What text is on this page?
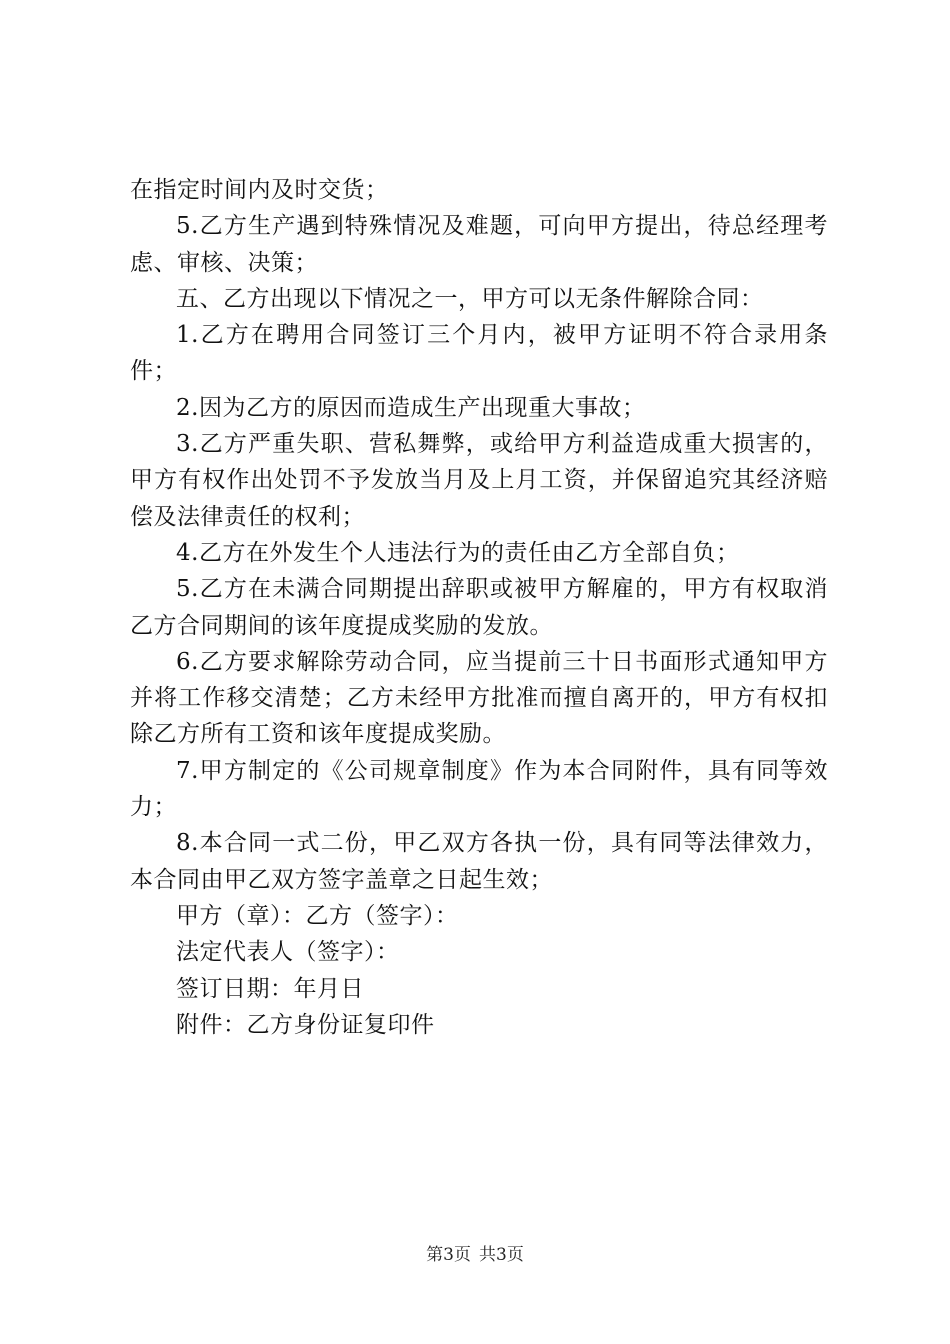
在指定时间内及时交货；

5.乙方生产遇到特殊情况及难题，可向甲方提出，待总经理考虑、审核、决策；

五、乙方出现以下情况之一，甲方可以无条件解除合同：

1.乙方在聘用合同签订三个月内，被甲方证明不符合录用条件；

2.因为乙方的原因而造成生产出现重大事故；

3.乙方严重失职、营私舞弊，或给甲方利益造成重大损害的，甲方有权作出处罚不予发放当月及上月工资，并保留追究其经济赔偿及法律责任的权利；

4.乙方在外发生个人违法行为的责任由乙方全部自负；

5.乙方在未满合同期提出辞职或被甲方解雇的，甲方有权取消乙方合同期间的该年度提成奖励的发放。

6.乙方要求解除劳动合同，应当提前三十日书面形式通知甲方并将工作移交清楚；乙方未经甲方批准而擅自离开的，甲方有权扣除乙方所有工资和该年度提成奖励。

7.甲方制定的《公司规章制度》作为本合同附件，具有同等效力；

8.本合同一式二份，甲乙双方各执一份，具有同等法律效力，本合同由甲乙双方签字盖章之日起生效；

甲方（章）：乙方（签字）：

法定代表人（签字）：

签订日期：年月日

附件：乙方身份证复印件

第3页 共3页
